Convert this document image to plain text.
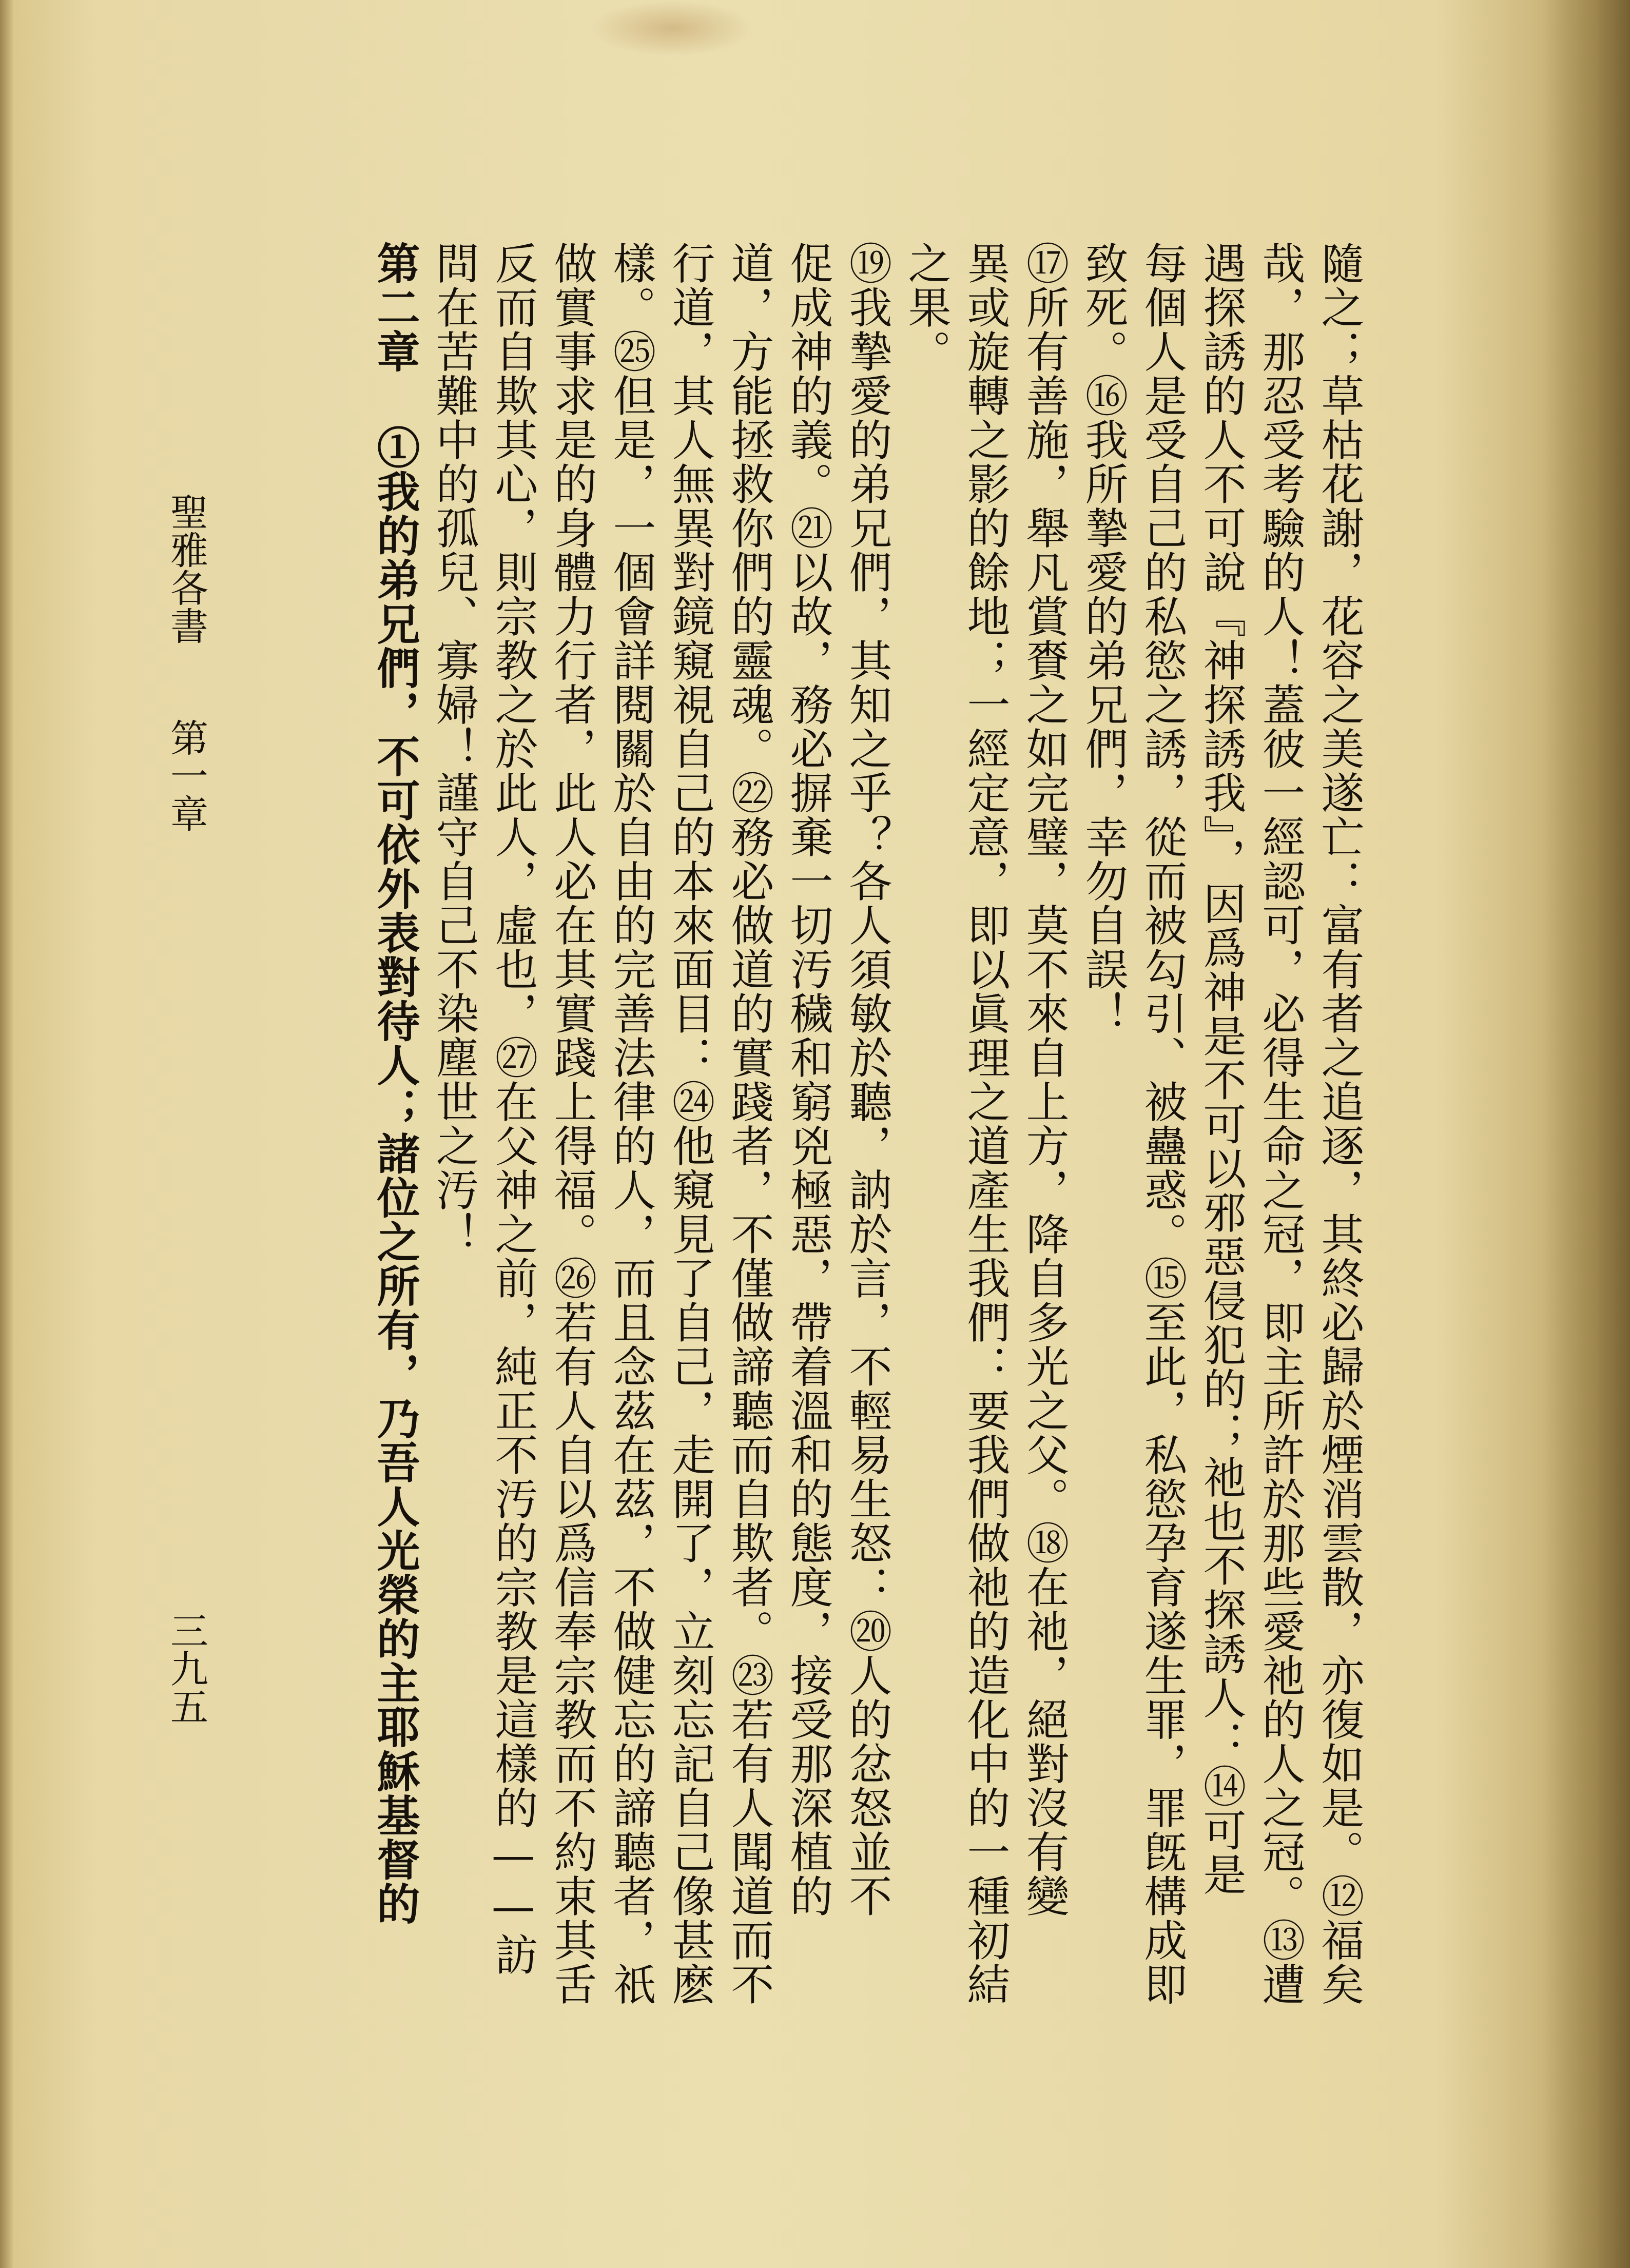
隨之；草枯花謝，花容之美遂亡：富有者之追逐，其終必歸於煙消雲散，亦復如是。⑫福矣
哉，那忍受考驗的人！蓋彼一經認可，必得生命之冠，即主所許於那些愛祂的人之冠。⑬遭
遇探誘的人不可說『神探誘我』，因爲神是不可以邪惡侵犯的；祂也不探誘人：⑭可是
每個人是受自己的私慾之誘，從而被勾引、被蠱惑。⑮至此，私慾孕育遂生罪，罪旣構成即
致死。⑯我所摯愛的弟兄們，幸勿自誤！
⑰所有善施，舉凡賞賚之如完璧，莫不來自上方，降自多光之父。⑱在祂，絕對沒有變
異或旋轉之影的餘地；一經定意，即以眞理之道產生我們：要我們做祂的造化中的一種初結
之果。
⑲我摯愛的弟兄們，其知之乎？各人須敏於聽，訥於言，不輕易生怒：⑳人的忿怒並不
促成神的義。㉑以故，務必摒棄一切汚穢和窮兇極惡，帶着溫和的態度，接受那深植的
道，方能拯救你們的靈魂。㉒務必做道的實踐者，不僅做諦聽而自欺者。㉓若有人聞道而不
行道，其人無異對鏡窺視自己的本來面目：㉔他窺見了自己，走開了，立刻忘記自己像甚麽
樣。㉕但是，一個會詳閱關於自由的完善法律的人，而且念茲在茲，不做健忘的諦聽者，祇
做實事求是的身體力行者，此人必在其實踐上得福。㉖若有人自以爲信奉宗教而不約束其舌
反而自欺其心，則宗教之於此人，虛也，㉗在父神之前，純正不汚的宗教是這樣的——訪
問在苦難中的孤兒、寡婦！謹守自己不染塵世之汚！
第二章 ①我的弟兄們，不可依外表對待人；諸位之所有，乃吾人光榮的主耶穌基督的
聖雅各書
第一章
三九五
